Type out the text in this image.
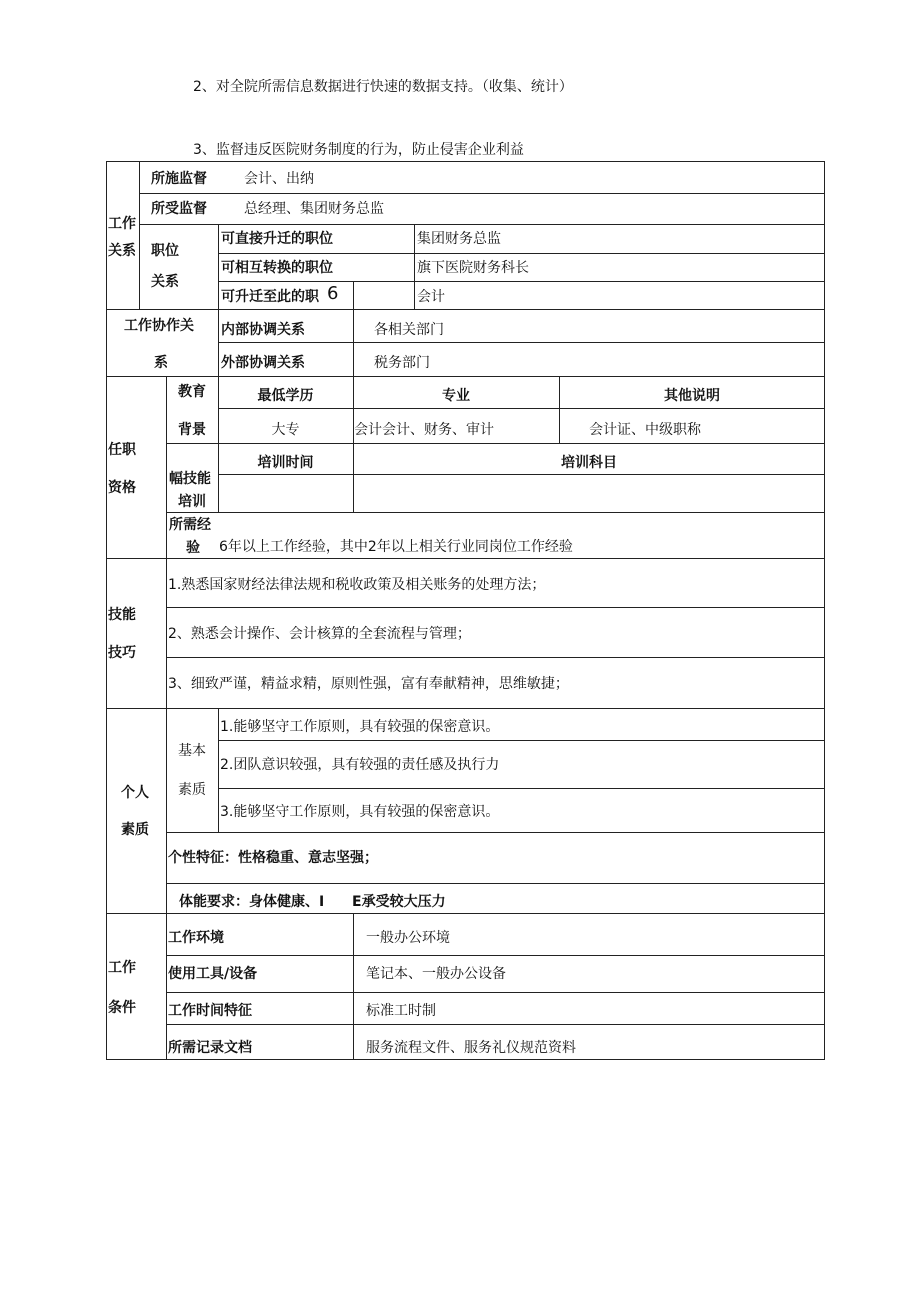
2、对全院所需信息数据进行快速的数据支持。（收集、统计）
3、监督违反医院财务制度的行为，防止侵害企业利益
工作
关系
所施监督	会计、出纳
所受监督	总经理、集团财务总监
职位
关系
可直接升迁的职位	集团财务总监
可相互转换的职位	旗下医院财务科长
可升迁至此的职 6	会计
工作协作关
系
内部协调关系	各相关部门
外部协调关系	税务部门
任职
资格
教育
背景
最低学历	专业	其他说明
大专	会计会计、财务、审计	会计证、中级职称
幅技能
培训
培训时间	培训科目
所需经
验 6年以上工作经验，其中2年以上相关行业同岗位工作经验
技能
技巧
1.熟悉国家财经法律法规和税收政策及相关账务的处理方法；
2、熟悉会计操作、会计核算的全套流程与管理；
3、细致严谨，精益求精，原则性强，富有奉献精神，思维敏捷；
个人
素质
基本
素质
1.能够坚守工作原则，具有较强的保密意识。
2.团队意识较强，具有较强的责任感及执行力
3.能够坚守工作原则，具有较强的保密意识。
个性特征：性格稳重、意志坚强；
体能要求：身体健康、I E承受较大压力
工作
条件
工作环境	一般办公环境
使用工具/设备	笔记本、一般办公设备
工作时间特征	标准工时制
所需记录文档	服务流程文件、服务礼仪规范资料
